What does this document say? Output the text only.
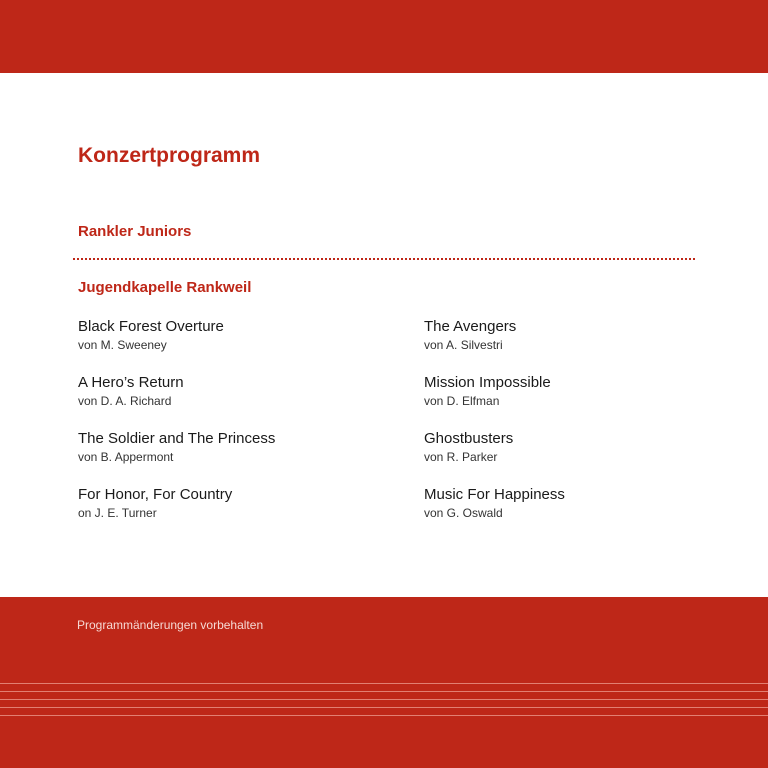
Konzertprogramm
Rankler Juniors
Jugendkapelle Rankweil
Black Forest Overture
von M. Sweeney
A Hero’s Return
von D. A. Richard
The Soldier and The Princess
von B. Appermont
For Honor, For Country
on J. E. Turner
The Avengers
von A. Silvestri
Mission Impossible
von D. Elfman
Ghostbusters
von R. Parker
Music For Happiness
von G. Oswald
Programmänderungen vorbehalten
